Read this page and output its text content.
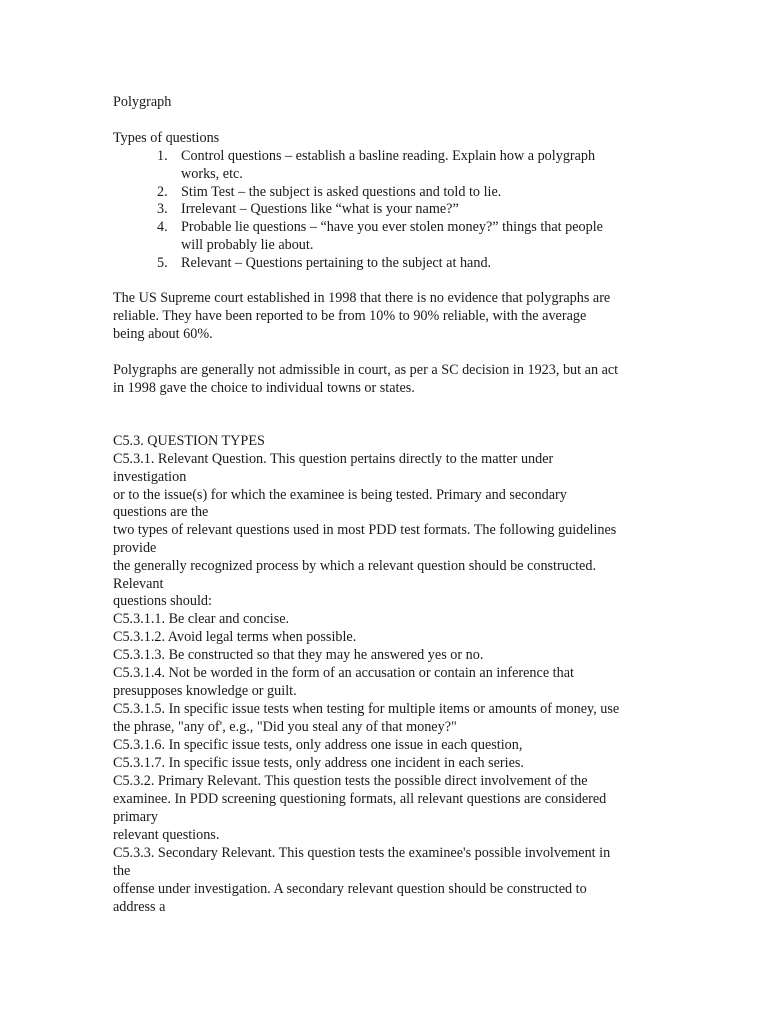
Polygraph
Types of questions
1. Control questions – establish a basline reading. Explain how a polygraph
works, etc.
2. Stim Test – the subject is asked questions and told to lie.
3. Irrelevant – Questions like “what is your name?”
4. Probable lie questions – “have you ever stolen money?” things that people
will probably lie about.
5. Relevant – Questions pertaining to the subject at hand.
The US Supreme court established in 1998 that there is no evidence that polygraphs are
reliable. They have been reported to be from 10% to 90% reliable, with the average
being about 60%.
Polygraphs are generally not admissible in court, as per a SC decision in 1923, but an act
in 1998 gave the choice to individual towns or states.
C5.3. QUESTION TYPES
C5.3.1. Relevant Question. This question pertains directly to the matter under
investigation
or to the issue(s) for which the examinee is being tested. Primary and secondary
questions are the
two types of relevant questions used in most PDD test formats. The following guidelines
provide
the generally recognized process by which a relevant question should be constructed.
Relevant
questions should:
C5.3.1.1. Be clear and concise.
C5.3.1.2. Avoid legal terms when possible.
C5.3.1.3. Be constructed so that they may he answered yes or no.
C5.3.1.4. Not be worded in the form of an accusation or contain an inference that
presupposes knowledge or guilt.
C5.3.1.5. In specific issue tests when testing for multiple items or amounts of money, use
the phrase, "any of', e.g., "Did you steal any of that money?"
C5.3.1.6. In specific issue tests, only address one issue in each question,
C5.3.1.7. In specific issue tests, only address one incident in each series.
C5.3.2. Primary Relevant. This question tests the possible direct involvement of the
examinee. In PDD screening questioning formats, all relevant questions are considered
primary
relevant questions.
C5.3.3. Secondary Relevant. This question tests the examinee's possible involvement in
the
offense under investigation. A secondary relevant question should be constructed to
address a
